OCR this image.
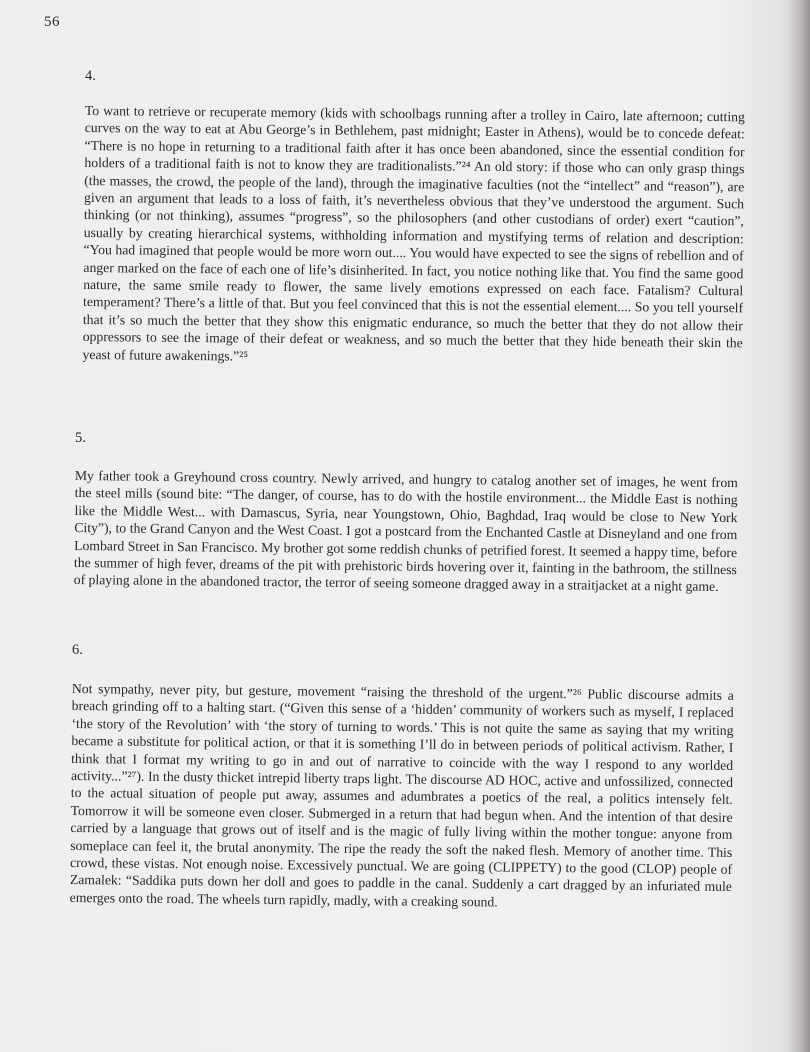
56
4.

To want to retrieve or recuperate memory (kids with schoolbags running after a trolley in Cairo, late afternoon; cutting curves on the way to eat at Abu George’s in Bethlehem, past midnight; Easter in Athens), would be to concede defeat: “There is no hope in returning to a traditional faith after it has once been abandoned, since the essential condition for holders of a traditional faith is not to know they are traditionalists.”²⁴ An old story: if those who can only grasp things (the masses, the crowd, the people of the land), through the imaginative faculties (not the “intellect” and “reason”), are given an argument that leads to a loss of faith, it’s nevertheless obvious that they’ve understood the argument. Such thinking (or not thinking), assumes “progress”, so the philosophers (and other custodians of order) exert “caution”, usually by creating hierarchical systems, withholding information and mystifying terms of relation and description: “You had imagined that people would be more worn out.... You would have expected to see the signs of rebellion and of anger marked on the face of each one of life’s disinherited. In fact, you notice nothing like that. You find the same good nature, the same smile ready to flower, the same lively emotions expressed on each face. Fatalism? Cultural temperament? There’s a little of that. But you feel convinced that this is not the essential element.... So you tell yourself that it’s so much the better that they show this enigmatic endurance, so much the better that they do not allow their oppressors to see the image of their defeat or weakness, and so much the better that they hide beneath their skin the yeast of future awakenings.”²⁵

5.

My father took a Greyhound cross country. Newly arrived, and hungry to catalog another set of images, he went from the steel mills (sound bite: “The danger, of course, has to do with the hostile environment... the Middle East is nothing like the Middle West... with Damascus, Syria, near Youngstown, Ohio, Baghdad, Iraq would be close to New York City”), to the Grand Canyon and the West Coast. I got a postcard from the Enchanted Castle at Disneyland and one from Lombard Street in San Francisco. My brother got some reddish chunks of petrified forest. It seemed a happy time, before the summer of high fever, dreams of the pit with prehistoric birds hovering over it, fainting in the bathroom, the stillness of playing alone in the abandoned tractor, the terror of seeing someone dragged away in a straitjacket at a night game.

6.

Not sympathy, never pity, but gesture, movement “raising the threshold of the urgent.”²⁶ Public discourse admits a breach grinding off to a halting start. (“Given this sense of a ‘hidden’ community of workers such as myself, I replaced ‘the story of the Revolution’ with ‘the story of turning to words.’ This is not quite the same as saying that my writing became a substitute for political action, or that it is something I’ll do in between periods of political activism. Rather, I think that I format my writing to go in and out of narrative to coincide with the way I respond to any worlded activity...”²⁷). In the dusty thicket intrepid liberty traps light. The discourse AD HOC, active and unfossilized, connected to the actual situation of people put away, assumes and adumbrates a poetics of the real, a politics intensely felt. Tomorrow it will be someone even closer. Submerged in a return that had begun when. And the intention of that desire carried by a language that grows out of itself and is the magic of fully living within the mother tongue: anyone from someplace can feel it, the brutal anonymity. The ripe the ready the soft the naked flesh. Memory of another time. This crowd, these vistas. Not enough noise. Excessively punctual. We are going (CLIPPETY) to the good (CLOP) people of Zamalek: “Saddika puts down her doll and goes to paddle in the canal. Suddenly a cart dragged by an infuriated mule emerges onto the road. The wheels turn rapidly, madly, with a creaking sound.
